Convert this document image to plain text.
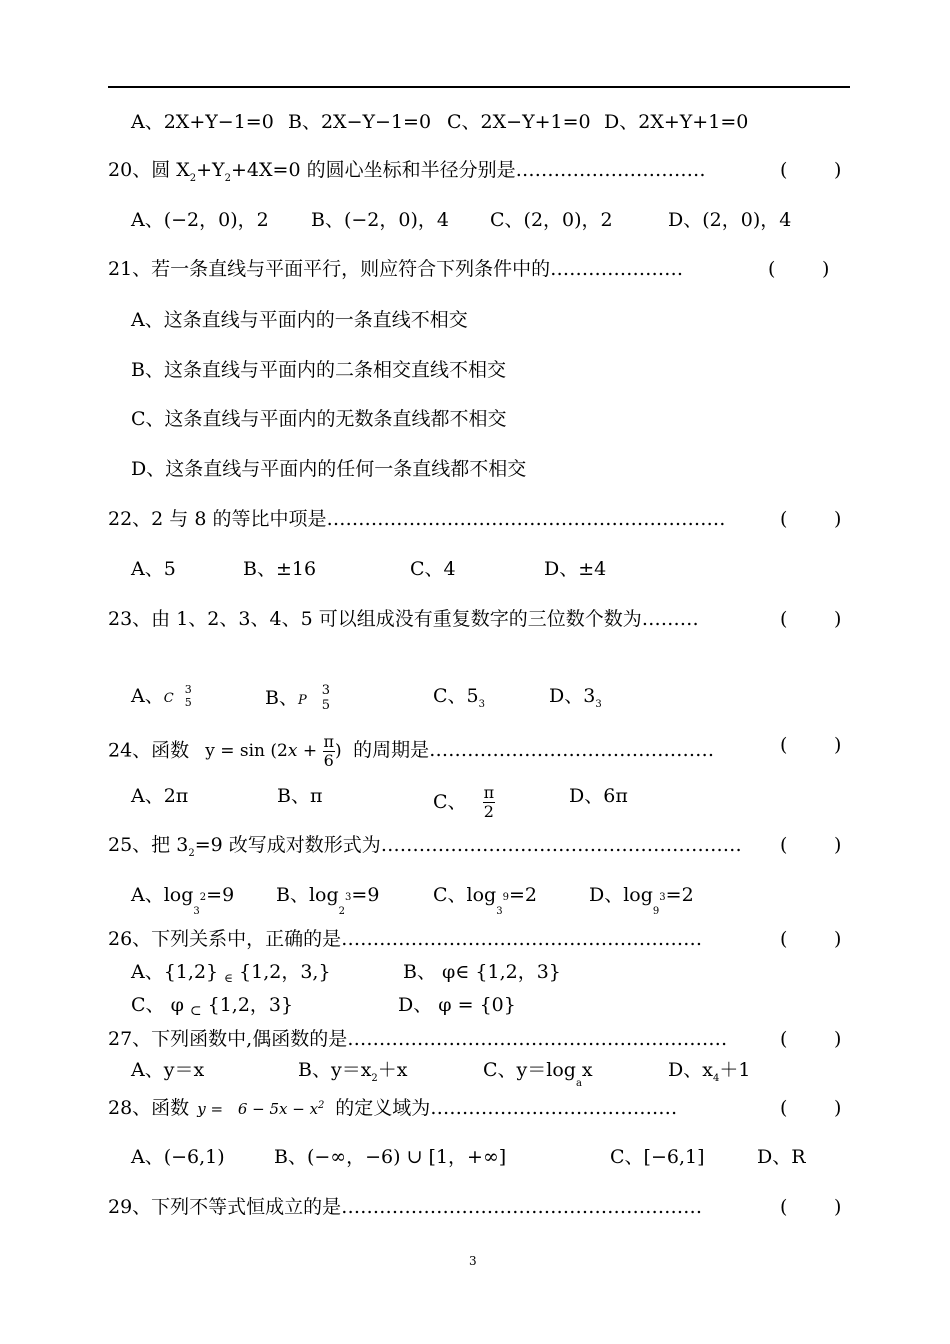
A、2X+Y−1=0 B、2X−Y−1=0 C、2X−Y+1=0 D、2X+Y+1=0
20、圆 $X_2+Y_2+4X=0$ 的圆心坐标和半径分别是…………………………	( )
A、(−2，0)，2 B、(−2，0)，4 C、(2，0)，2	D、(2，0)，4
21、若一条直线与平面平行，则应符合下列条件中的…………………	( )
A、这条直线与平面内的一条直线不相交
B、这条直线与平面内的二条相交直线不相交
C、这条直线与平面内的无数条直线都不相交
D、这条直线与平面内的任何一条直线都不相交
22、2 与 8 的等比中项是………………………………………………………	( )
A、5	B、±16	C、4	D、±4
23、由 1、2、3、4、5 可以组成没有重复数字的三位数个数为………	( )
A、C
3
5	B、P
3
5	C、$5_3$	D、$3_3$
24、函数 $y = \sin (2x + \frac{\pi}{6}$ ) 的周期是………………………………………	( )
A、2π	B、π	C、 $\frac{\pi}{2}$	D、6π
25、把 $3_2=9$ 改写成对数形式为………………………………………………… ( )
A、$\log_{32}=9$ B、$\log_{23}=9$	C、$\log_{39}=2$	D、$\log_{93}=2$
26、下列关系中，正确的是…………………………………………………	( )
A、{1,2} $_\in$ {1,2，3,}	B、 φ∈ {1,2，3}
C、 φ $_\subset$ {1,2，3}	D、 φ = {0}
27、下列函数中,偶函数的是……………………………………………………	( )
A、y＝x	B、$y=x_2+x$	C、$y=\log_ax$	D、$x_4+1$
28、函数 $y = 6 - 5x - x^2$ 的定义域为…………………………………	( )
A、(−6,1)	B、(−∞，−6) ∪ [1，+∞]	C、[−6,1]	D、R
29、下列不等式恒成立的是…………………………………………………	( )
3
